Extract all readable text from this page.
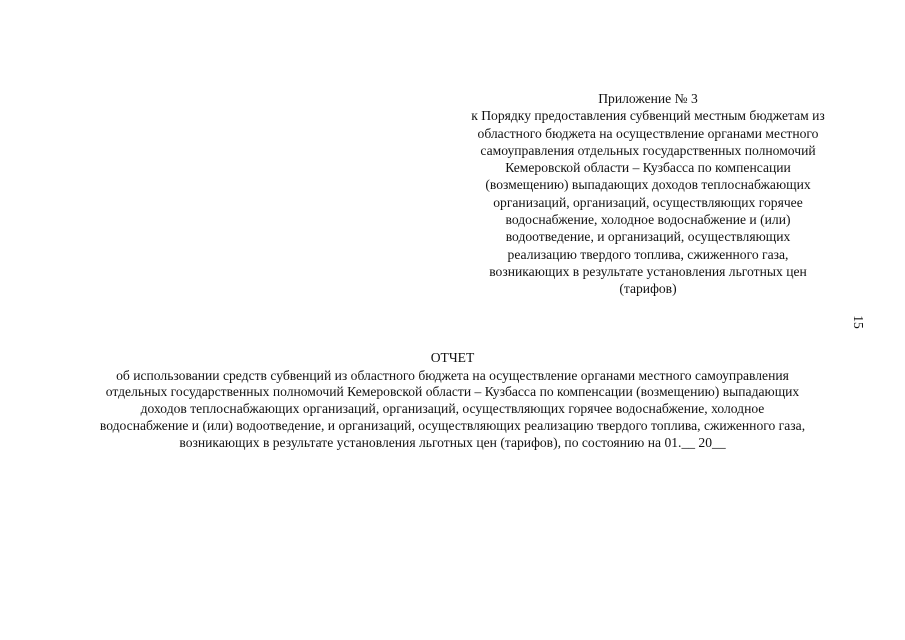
Приложение № 3
к Порядку предоставления субвенций местным бюджетам из
областного бюджета на осуществление органами местного
самоуправления отдельных государственных полномочий
Кемеровской области – Кузбасса по компенсации
(возмещению) выпадающих доходов теплоснабжающих
организаций, организаций, осуществляющих горячее
водоснабжение, холодное водоснабжение и (или)
водоотведение, и организаций, осуществляющих
реализацию твердого топлива, сжиженного газа,
возникающих в результате установления льготных цен
(тарифов)
15
ОТЧЕТ
об использовании средств субвенций из областного бюджета на осуществление органами местного самоуправления
отдельных государственных полномочий Кемеровской области – Кузбасса по компенсации (возмещению) выпадающих
доходов теплоснабжающих организаций, организаций, осуществляющих горячее водоснабжение, холодное
водоснабжение и (или) водоотведение, и организаций, осуществляющих реализацию твердого топлива, сжиженного газа,
возникающих в результате установления льготных цен (тарифов), по состоянию на 01.__ 20__
